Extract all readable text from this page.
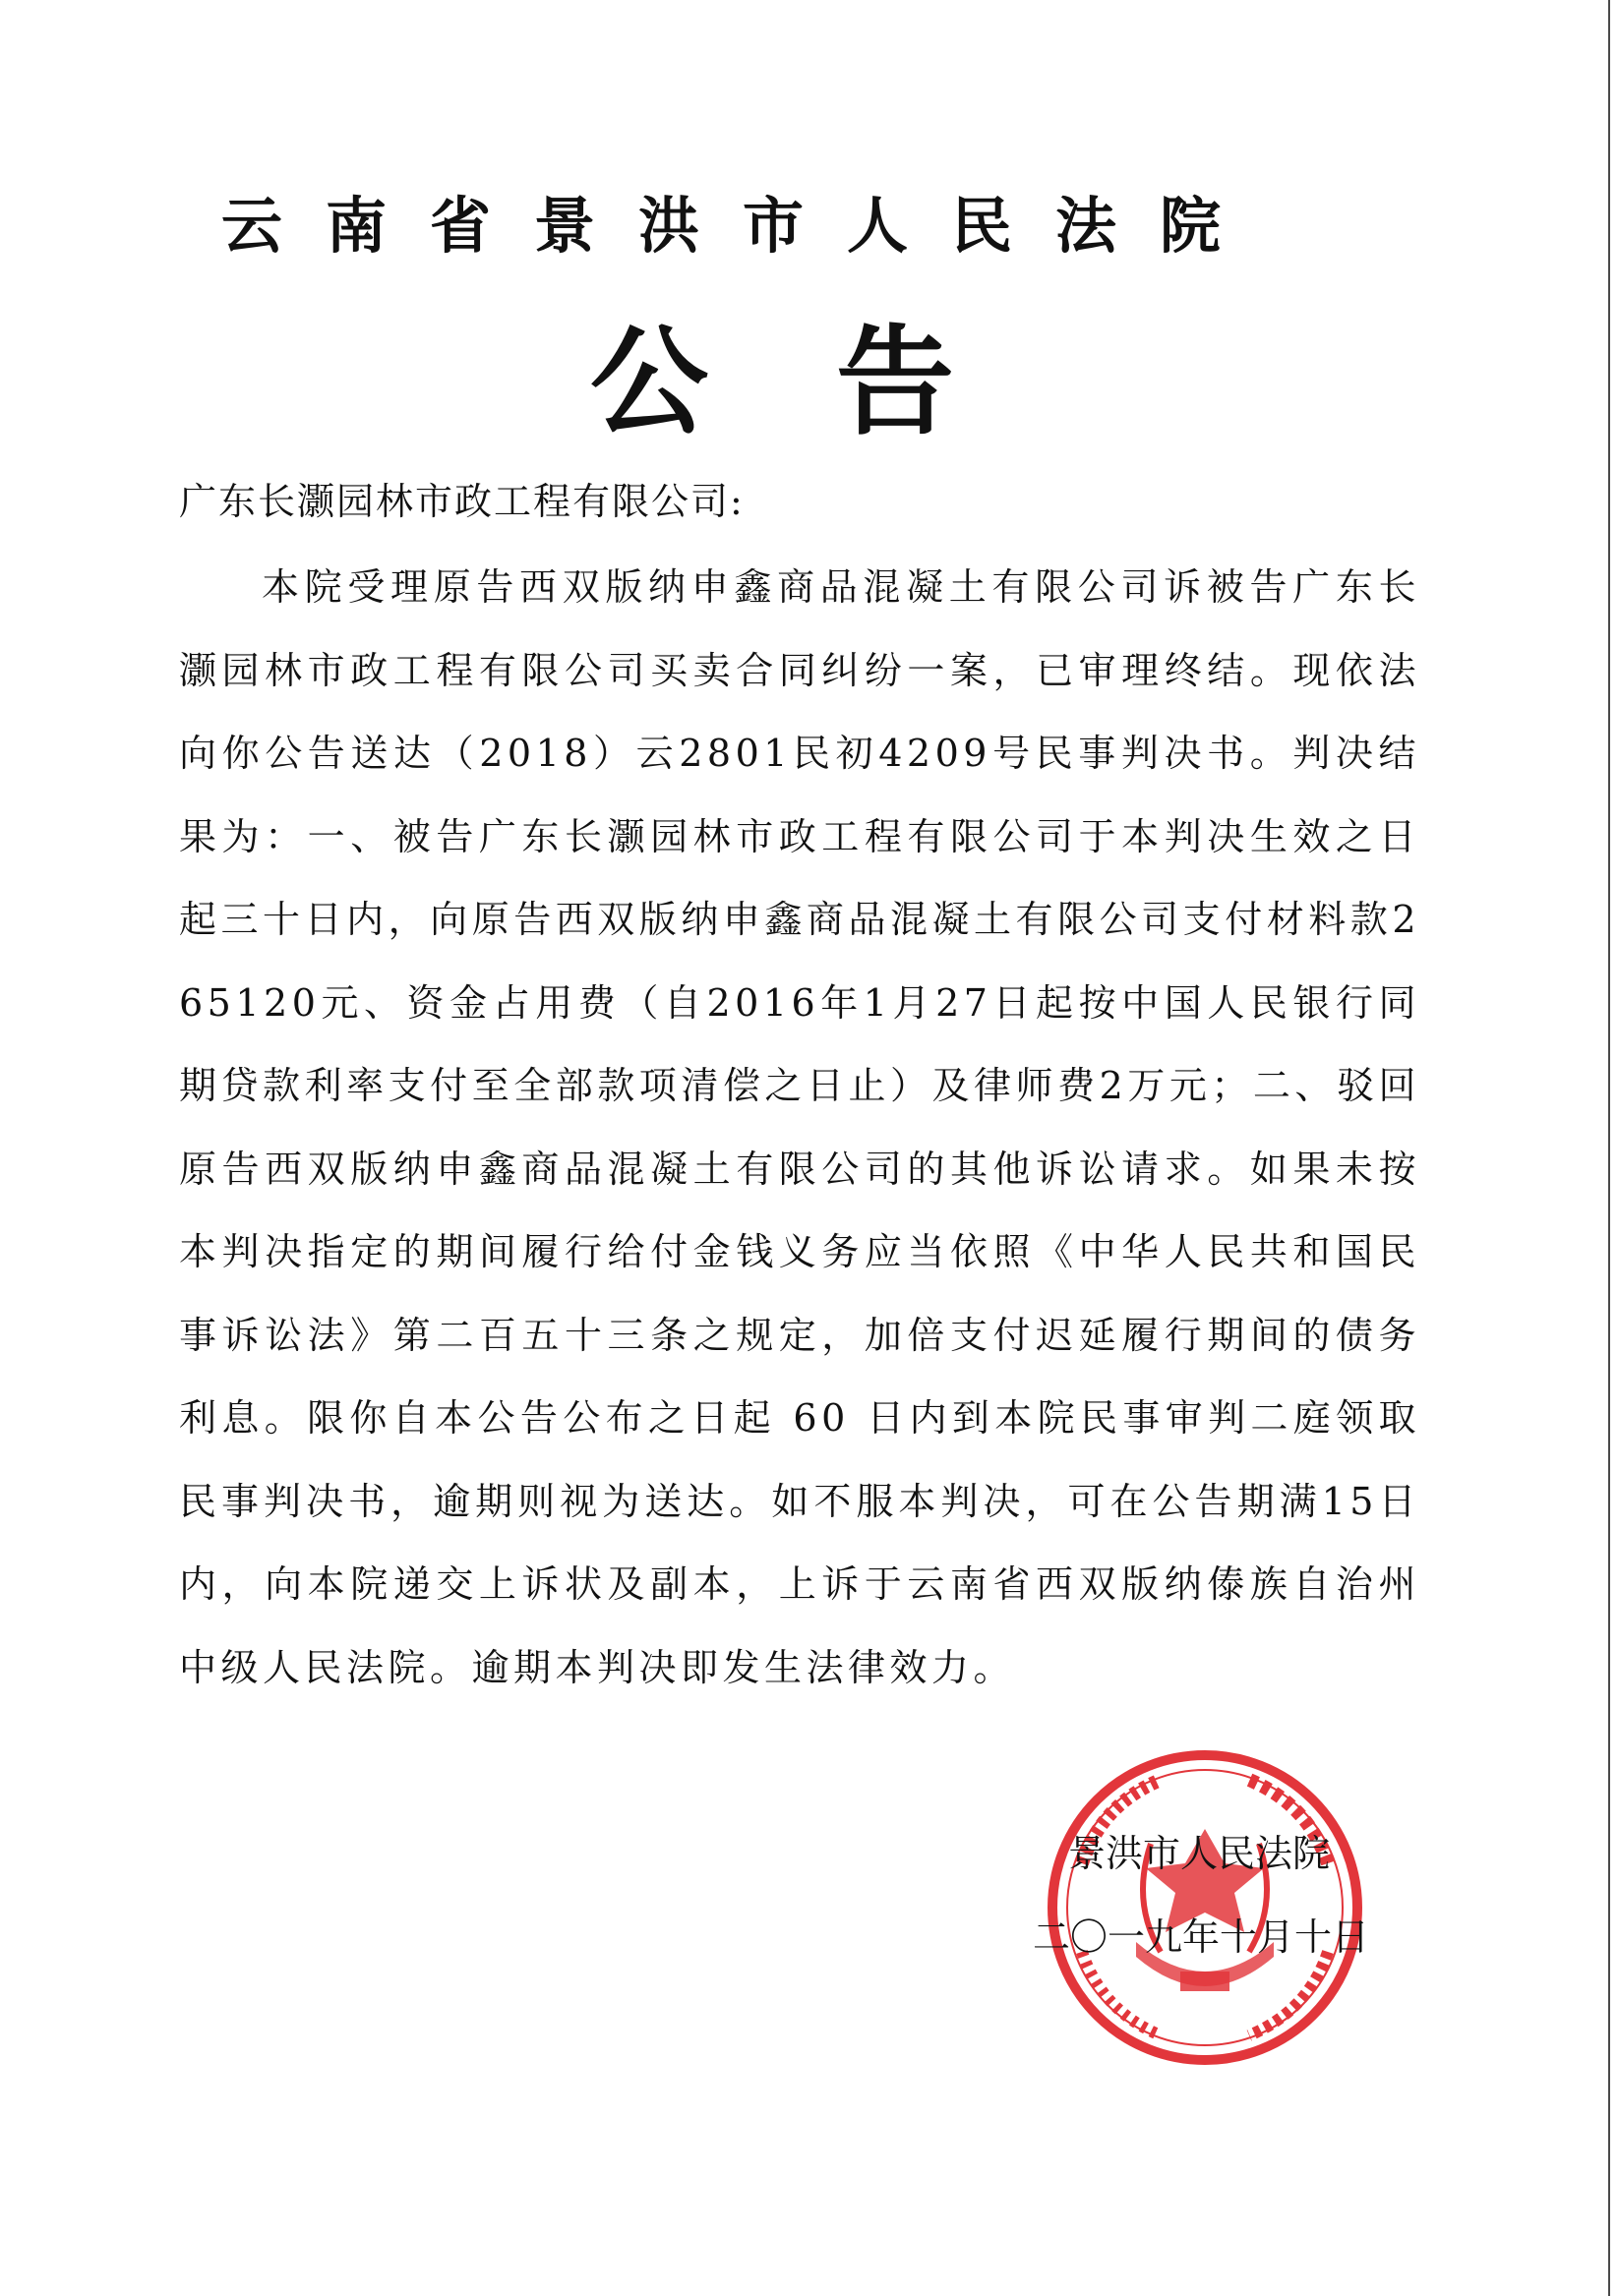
云南省景洪市人民法院
公告
广东长灏园林市政工程有限公司:
本院受理原告西双版纳申鑫商品混凝土有限公司诉被告广东长灏园林市政工程有限公司买卖合同纠纷一案，已审理终结。现依法向你公告送达（2018）云2801民初4209号民事判决书。判决结果为：一、被告广东长灏园林市政工程有限公司于本判决生效之日起三十日内，向原告西双版纳申鑫商品混凝土有限公司支付材料款265120元、资金占用费（自2016年1月27日起按中国人民银行同期贷款利率支付至全部款项清偿之日止）及律师费2万元；二、驳回原告西双版纳申鑫商品混凝土有限公司的其他诉讼请求。如果未按本判决指定的期间履行给付金钱义务应当依照《中华人民共和国民事诉讼法》第二百五十三条之规定，加倍支付迟延履行期间的债务利息。限你自本公告公布之日起 60 日内到本院民事审判二庭领取民事判决书，逾期则视为送达。如不服本判决，可在公告期满15日内，向本院递交上诉状及副本，上诉于云南省西双版纳傣族自治州中级人民法院。逾期本判决即发生法律效力。
景洪市人民法院
二〇一九年十月十日
